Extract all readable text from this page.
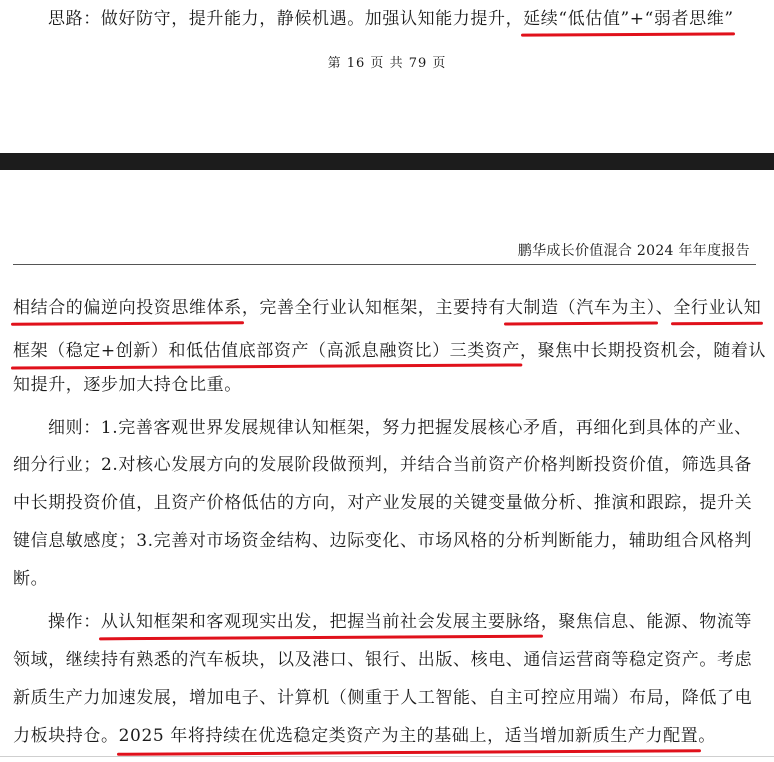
思路：做好防守，提升能力，静候机遇。加强认知能力提升，延续“低估值”+“弱者思维”
第 16 页 共 79 页
鹏华成长价值混合 2024 年年度报告
相结合的偏逆向投资思维体系，完善全行业认知框架，主要持有大制造（汽车为主）、全行业认知
框架（稳定+创新）和低估值底部资产（高派息融资比）三类资产，聚焦中长期投资机会，随着认
知提升，逐步加大持仓比重。
细则：1.完善客观世界发展规律认知框架，努力把握发展核心矛盾，再细化到具体的产业、
细分行业；2.对核心发展方向的发展阶段做预判，并结合当前资产价格判断投资价值，筛选具备
中长期投资价值，且资产价格低估的方向，对产业发展的关键变量做分析、推演和跟踪，提升关
键信息敏感度；3.完善对市场资金结构、边际变化、市场风格的分析判断能力，辅助组合风格判
断。
操作：从认知框架和客观现实出发，把握当前社会发展主要脉络，聚焦信息、能源、物流等
领域，继续持有熟悉的汽车板块，以及港口、银行、出版、核电、通信运营商等稳定资产。考虑
新质生产力加速发展，增加电子、计算机（侧重于人工智能、自主可控应用端）布局，降低了电
力板块持仓。2025 年将持续在优选稳定类资产为主的基础上，适当增加新质生产力配置。
